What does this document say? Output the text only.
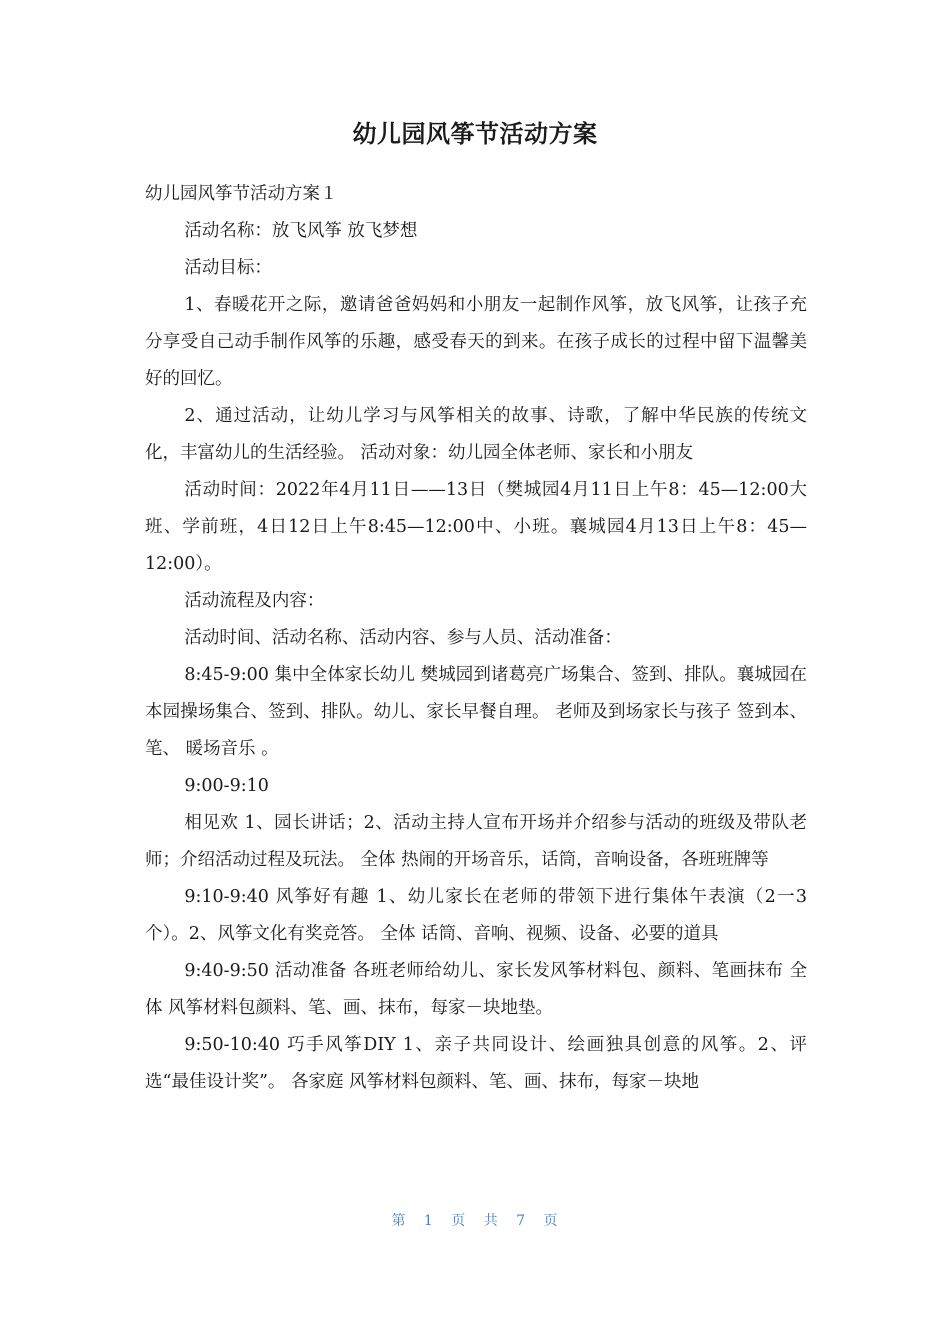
幼儿园风筝节活动方案

幼儿园风筝节活动方案１

活动名称：放飞风筝 放飞梦想

活动目标：

1、春暖花开之际，邀请爸爸妈妈和小朋友一起制作风筝，放飞风筝，让孩子充分享受自己动手制作风筝的乐趣，感受春天的到来。在孩子成长的过程中留下温馨美好的回忆。

2、通过活动，让幼儿学习与风筝相关的故事、诗歌，了解中华民族的传统文化，丰富幼儿的生活经验。 活动对象：幼儿园全体老师、家长和小朋友

活动时间：2022年4月11日——13日（樊城园4月11日上午8：45—12:00大班、学前班，4日12日上午8:45—12:00中、小班。襄城园4月13日上午8：45—12:00）。

活动流程及内容：

活动时间、活动名称、活动内容、参与人员、活动准备：

8:45-9:00 集中全体家长幼儿 樊城园到诸葛亮广场集合、签到、排队。襄城园在本园操场集合、签到、排队。幼儿、家长早餐自理。 老师及到场家长与孩子 签到本、笔、 暖场音乐 。

9:00-9:10

相见欢 1、园长讲话；2、活动主持人宣布开场并介绍参与活动的班级及带队老师；介绍活动过程及玩法。 全体 热闹的开场音乐，话筒，音响设备，各班班牌等

9:10-9:40 风筝好有趣 1、幼儿家长在老师的带领下进行集体午表演（2一3个）。2、风筝文化有奖竞答。 全体 话筒、音响、视频、设备、必要的道具

9:40-9:50 活动准备 各班老师给幼儿、家长发风筝材料包、颜料、笔画抹布 全体 风筝材料包颜料、笔、画、抹布，每家－块地垫。

9:50-10:40 巧手风筝DIY 1、亲子共同设计、绘画独具创意的风筝。2、评选“最佳设计奖”。 各家庭 风筝材料包颜料、笔、画、抹布，每家－块地

第 1 页 共 7 页
